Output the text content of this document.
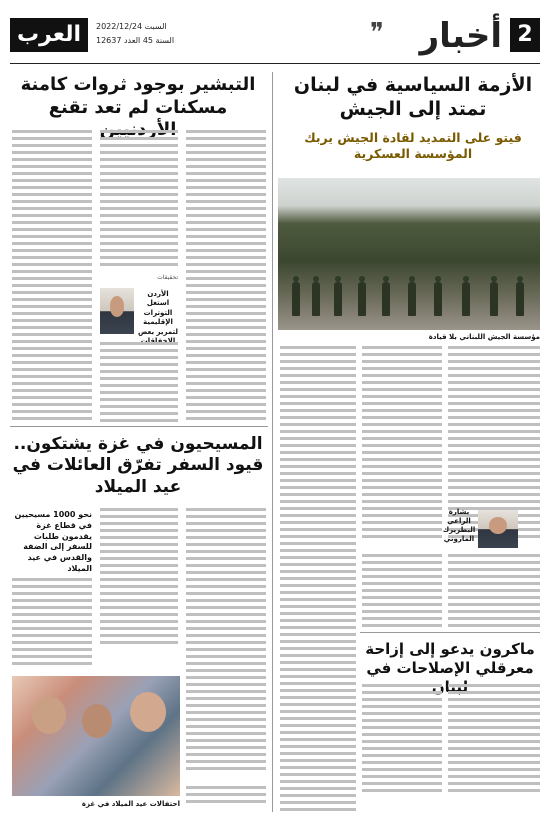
2
أخبار
❞
العرب	السبت 2022/12/24
السنة 45 العدد 12637
الأزمة السياسية في لبنان تمتد إلى الجيش
فيتو على التمديد لقادة الجيش يربك المؤسسة العسكرية
مؤسسة الجيش اللبناني بلا قيادة
بشارة الراعي البطريرك الماروني
ماكرون يدعو إلى إزاحة معرقلي الإصلاحات في
التبشير بوجود ثروات كامنة مسكنات لم تعد تقنع
تحقيقات
الأردن استغل التوترات الإقليمية لتمرير بعض
المسيحيون في غزة يشتكون.. قيود السفر تفرّق العائلات في عيد الميلاد
نحو 1000 مسيحيين في قطاع غزة يقدمون طلبات للسفر إلى الضفة والقدس في عيد الميلاد
احتفالات عيد الميلاد في غزة
